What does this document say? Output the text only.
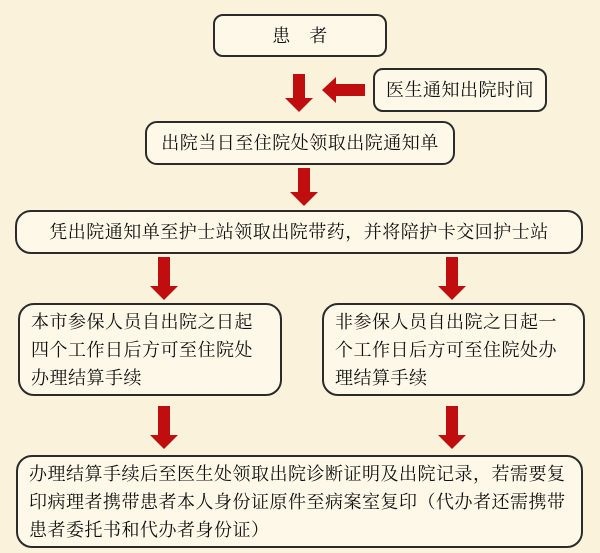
患　者
医生通知出院时间
出院当日至住院处领取出院通知单
凭出院通知单至护士站领取出院带药，并将陪护卡交回护士站
本市参保人员自出院之日起四个工作日后方可至住院处办理结算手续
非参保人员自出院之日起一个工作日后方可至住院处办理结算手续
办理结算手续后至医生处领取出院诊断证明及出院记录，若需要复印病理者携带患者本人身份证原件至病案室复印（代办者还需携带患者委托书和代办者身份证）
